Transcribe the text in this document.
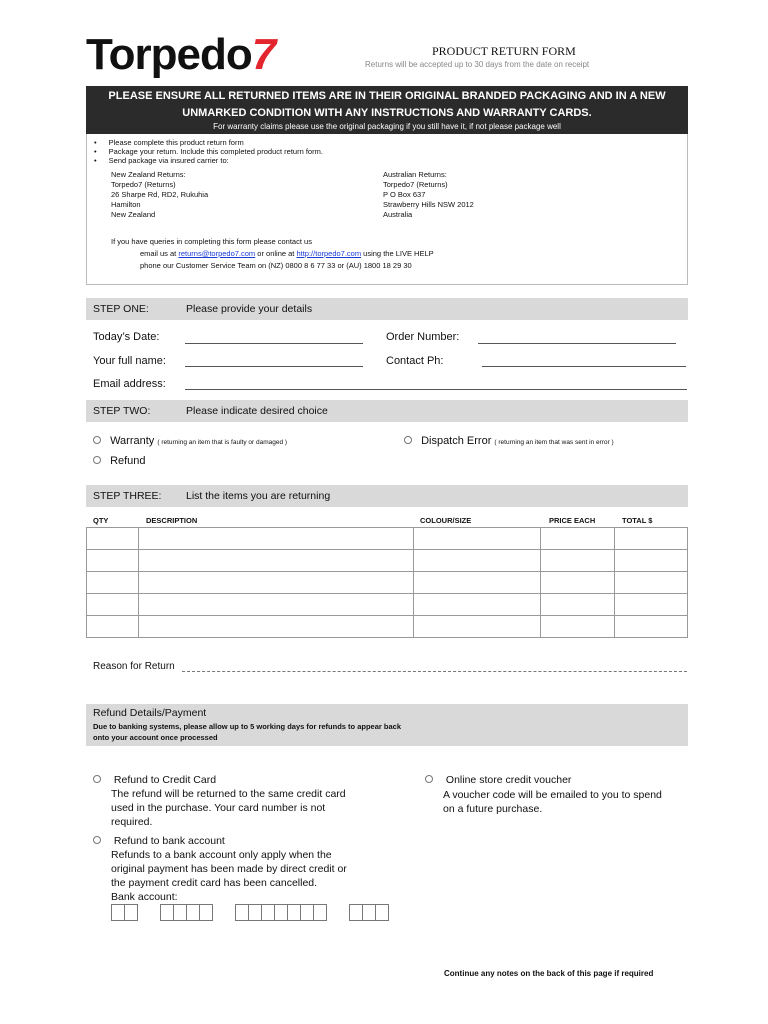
Torpedo7	PRODUCT RETURN FORM
Returns will be accepted up to 30 days from the date on receipt
PLEASE ENSURE ALL RETURNED ITEMS ARE IN THEIR ORIGINAL BRANDED PACKAGING AND IN A NEW
UNMARKED CONDITION WITH ANY INSTRUCTIONS AND WARRANTY CARDS.
For warranty claims please use the original packaging if you still have it, if not please package well
• Please complete this product return form
• Package your return. Include this completed product return form.
• Send package via insured carrier to:
New Zealand Returns:
Torpedo7 (Returns)
26 Sharpe Rd, RD2, Rukuhia
Hamilton
New Zealand
Australian Returns:
Torpedo7 (Returns)
P O Box 637
Strawberry Hills NSW 2012
Australia
If you have queries in completing this form please contact us
email us at returns@torpedo7.com or online at http://torpedo7.com using the LIVE HELP
phone our Customer Service Team on (NZ) 0800 8 6 77 33 or (AU) 1800 18 29 30
STEP ONE:	Please provide your details
Today’s Date:	Order Number:
Your full name:	Contact Ph:
Email address:
STEP TWO:	Please indicate desired choice
Warranty ( returning an item that is faulty or damaged )	Dispatch Error ( returning an item that was sent in error )
Refund
STEP THREE: List the items you are returning
QTY	DESCRIPTION	COLOUR/SIZE	PRICE EACH	TOTAL $

Reason for Return
Refund Details/Payment
Due to banking systems, please allow up to 5 working days for refunds to appear back
onto your account once processed
Refund to Credit Card
The refund will be returned to the same credit card
used in the purchase. Your card number is not
required.
Refund to bank account
Refunds to a bank account only apply when the
original payment has been made by direct credit or
the payment credit card has been cancelled.
Bank account:

Online store credit voucher
A voucher code will be emailed to you to spend
on a future purchase.
Continue any notes on the back of this page if required
